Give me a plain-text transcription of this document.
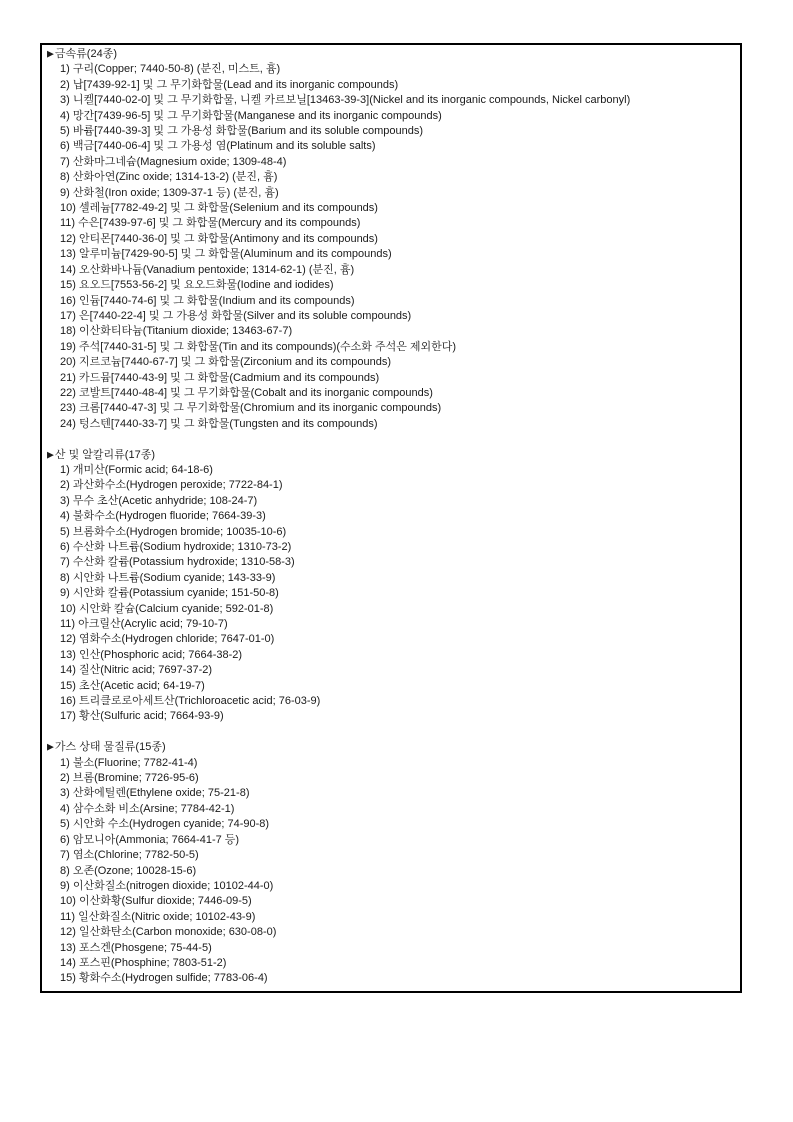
▶금속류(24종)
1) 구리(Copper; 7440-50-8) (분진, 미스트, 흄)
2) 납[7439-92-1] 및 그 무기화합물(Lead and its inorganic compounds)
3) 니켈[7440-02-0] 및 그 무기화합물, 니켈 카르보닐[13463-39-3](Nickel and its inorganic compounds, Nickel carbonyl)
4) 망간[7439-96-5] 및 그 무기화합물(Manganese and its inorganic compounds)
5) 바륨[7440-39-3] 및 그 가용성 화합물(Barium and its soluble compounds)
6) 백금[7440-06-4] 및 그 가용성 염(Platinum and its soluble salts)
7) 산화마그네슘(Magnesium oxide; 1309-48-4)
8) 산화아연(Zinc oxide; 1314-13-2) (분진, 흄)
9) 산화철(Iron oxide; 1309-37-1 등) (분진, 흄)
10) 셀레늄[7782-49-2] 및 그 화합물(Selenium and its compounds)
11) 수은[7439-97-6] 및 그 화합물(Mercury and its compounds)
12) 안티몬[7440-36-0] 및 그 화합물(Antimony and its compounds)
13) 알루미늄[7429-90-5] 및 그 화합물(Aluminum and its compounds)
14) 오산화바나듐(Vanadium pentoxide; 1314-62-1) (분진, 흄)
15) 요오드[7553-56-2] 및 요오드화물(Iodine and iodides)
16) 인듐[7440-74-6] 및 그 화합물(Indium and its compounds)
17) 은[7440-22-4] 및 그 가용성 화합물(Silver and its soluble compounds)
18) 이산화티타늄(Titanium dioxide; 13463-67-7)
19) 주석[7440-31-5] 및 그 화합물(Tin and its compounds)(수소화 주석은 제외한다)
20) 지르코늄[7440-67-7] 및 그 화합물(Zirconium and its compounds)
21) 카드뮴[7440-43-9] 및 그 화합물(Cadmium and its compounds)
22) 코발트[7440-48-4] 및 그 무기화합물(Cobalt and its inorganic compounds)
23) 크롬[7440-47-3] 및 그 무기화합물(Chromium and its inorganic compounds)
24) 텅스텐[7440-33-7] 및 그 화합물(Tungsten and its compounds)
▶산 및 알칼리류(17종)
1) 개미산(Formic acid; 64-18-6)
2) 과산화수소(Hydrogen peroxide; 7722-84-1)
3) 무수 초산(Acetic anhydride; 108-24-7)
4) 불화수소(Hydrogen fluoride; 7664-39-3)
5) 브롬화수소(Hydrogen bromide; 10035-10-6)
6) 수산화 나트륨(Sodium hydroxide; 1310-73-2)
7) 수산화 칼륨(Potassium hydroxide; 1310-58-3)
8) 시안화 나트륨(Sodium cyanide; 143-33-9)
9) 시안화 칼륨(Potassium cyanide; 151-50-8)
10) 시안화 칼슘(Calcium cyanide; 592-01-8)
11) 아크릴산(Acrylic acid; 79-10-7)
12) 염화수소(Hydrogen chloride; 7647-01-0)
13) 인산(Phosphoric acid; 7664-38-2)
14) 질산(Nitric acid; 7697-37-2)
15) 초산(Acetic acid; 64-19-7)
16) 트리클로로아세트산(Trichloroacetic acid; 76-03-9)
17) 황산(Sulfuric acid; 7664-93-9)
▶가스 상태 물질류(15종)
1) 불소(Fluorine; 7782-41-4)
2) 브롬(Bromine; 7726-95-6)
3) 산화에틸렌(Ethylene oxide; 75-21-8)
4) 삼수소화 비소(Arsine; 7784-42-1)
5) 시안화 수소(Hydrogen cyanide; 74-90-8)
6) 암모니아(Ammonia; 7664-41-7 등)
7) 염소(Chlorine; 7782-50-5)
8) 오존(Ozone; 10028-15-6)
9) 이산화질소(nitrogen dioxide; 10102-44-0)
10) 이산화황(Sulfur dioxide; 7446-09-5)
11) 일산화질소(Nitric oxide; 10102-43-9)
12) 일산화탄소(Carbon monoxide; 630-08-0)
13) 포스겐(Phosgene; 75-44-5)
14) 포스핀(Phosphine; 7803-51-2)
15) 황화수소(Hydrogen sulfide; 7783-06-4)
